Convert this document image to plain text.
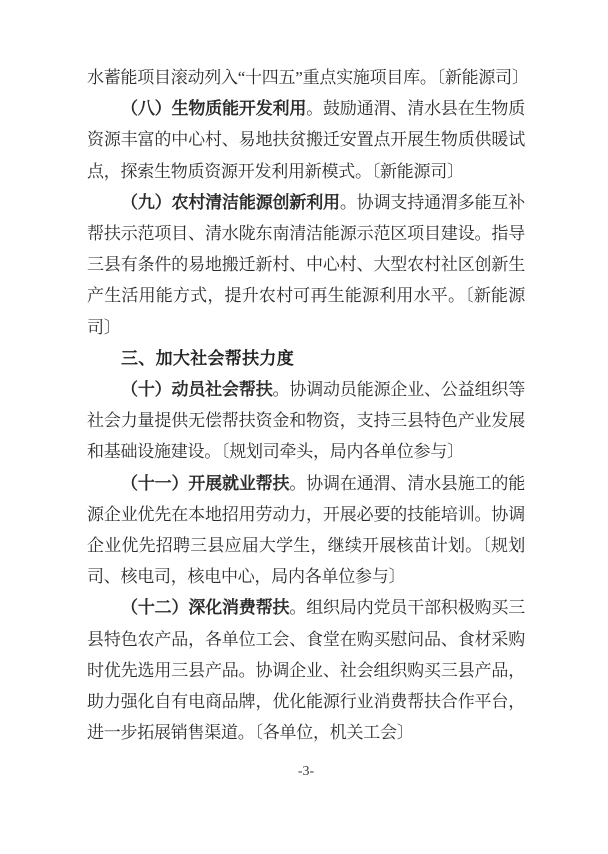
水蓄能项目滚动列入“十四五”重点实施项目库。〔新能源司〕

（八）生物质能开发利用。鼓励通渭、清水县在生物质资源丰富的中心村、易地扶贫搬迁安置点开展生物质供暖试点，探索生物质资源开发利用新模式。〔新能源司〕

（九）农村清洁能源创新利用。协调支持通渭多能互补帮扶示范项目、清水陇东南清洁能源示范区项目建设。指导三县有条件的易地搬迁新村、中心村、大型农村社区创新生产生活用能方式，提升农村可再生能源利用水平。〔新能源司〕

三、加大社会帮扶力度

（十）动员社会帮扶。协调动员能源企业、公益组织等社会力量提供无偿帮扶资金和物资，支持三县特色产业发展和基础设施建设。〔规划司牵头，局内各单位参与〕

（十一）开展就业帮扶。协调在通渭、清水县施工的能源企业优先在本地招用劳动力，开展必要的技能培训。协调企业优先招聘三县应届大学生，继续开展核苗计划。〔规划司、核电司，核电中心，局内各单位参与〕

（十二）深化消费帮扶。组织局内党员干部积极购买三县特色农产品，各单位工会、食堂在购买慰问品、食材采购时优先选用三县产品。协调企业、社会组织购买三县产品，助力强化自有电商品牌，优化能源行业消费帮扶合作平台，进一步拓展销售渠道。〔各单位，机关工会〕

-3-
